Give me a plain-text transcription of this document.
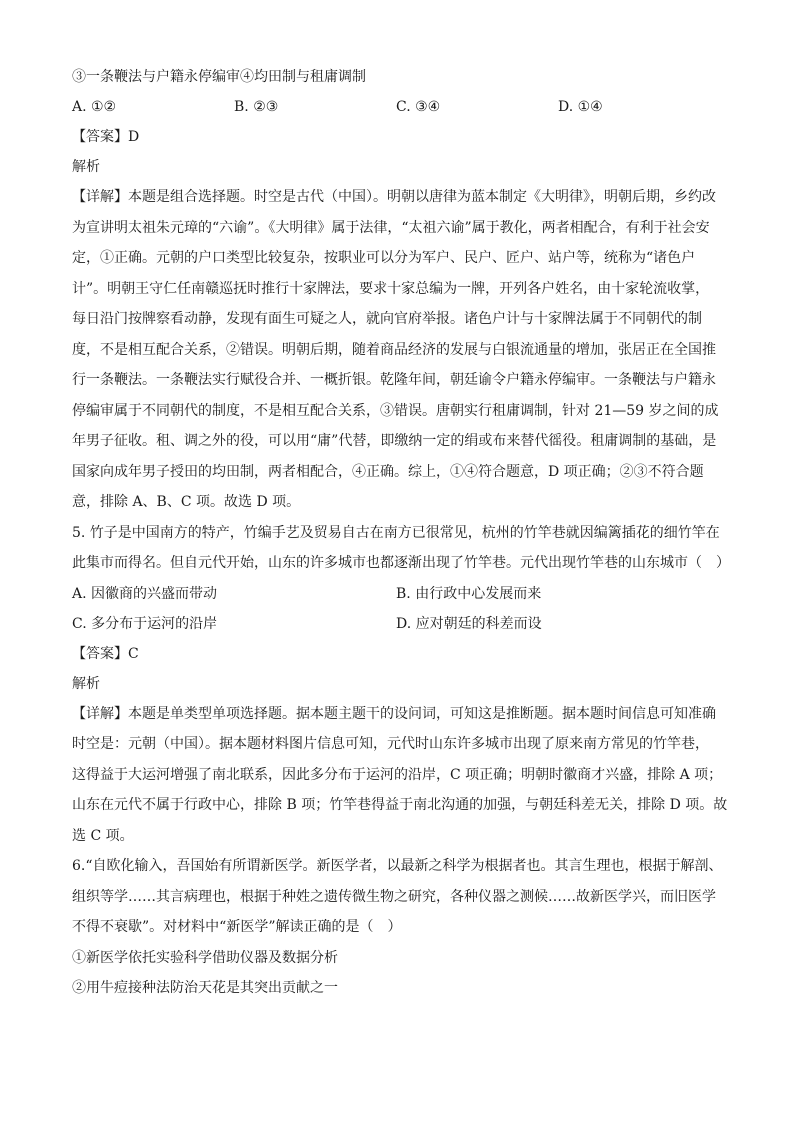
③一条鞭法与户籍永停编审④均田制与租庸调制
A. ①②	B. ②③	C. ③④	D. ①④
【答案】D
解析
【详解】本题是组合选择题。时空是古代（中国）。明朝以唐律为蓝本制定《大明律》，明朝后期，乡约改
为宣讲明太祖朱元璋的“六谕”。《大明律》属于法律，“太祖六谕”属于教化，两者相配合，有利于社会安
定，①正确。元朝的户口类型比较复杂，按职业可以分为军户、民户、匠户、站户等，统称为“诸色户
计”。明朝王守仁任南赣巡抚时推行十家牌法，要求十家总编为一牌，开列各户姓名，由十家轮流收掌，
每日沿门按牌察看动静，发现有面生可疑之人，就向官府举报。诸色户计与十家牌法属于不同朝代的制
度，不是相互配合关系，②错误。明朝后期，随着商品经济的发展与白银流通量的增加，张居正在全国推
行一条鞭法。一条鞭法实行赋役合并、一概折银。乾隆年间，朝廷谕令户籍永停编审。一条鞭法与户籍永
停编审属于不同朝代的制度，不是相互配合关系，③错误。唐朝实行租庸调制，针对 21—59 岁之间的成
年男子征收。租、调之外的役，可以用“庸”代替，即缴纳一定的绢或布来替代徭役。租庸调制的基础，是
国家向成年男子授田的均田制，两者相配合，④正确。综上，①④符合题意，D 项正确；②③不符合题
意，排除 A、B、C 项。故选 D 项。
5. 竹子是中国南方的特产，竹编手艺及贸易自古在南方已很常见，杭州的竹竿巷就因编篱插花的细竹竿在
此集市而得名。但自元代开始，山东的许多城市也都逐渐出现了竹竿巷。元代出现竹竿巷的山东城市（　）
A. 因徽商的兴盛而带动	B. 由行政中心发展而来
C. 多分布于运河的沿岸	D. 应对朝廷的科差而设
【答案】C
解析
【详解】本题是单类型单项选择题。据本题主题干的设问词，可知这是推断题。据本题时间信息可知准确
时空是：元朝（中国）。据本题材料图片信息可知，元代时山东许多城市出现了原来南方常见的竹竿巷，
这得益于大运河增强了南北联系，因此多分布于运河的沿岸，C 项正确；明朝时徽商才兴盛，排除 A 项；
山东在元代不属于行政中心，排除 B 项；竹竿巷得益于南北沟通的加强，与朝廷科差无关，排除 D 项。故
选 C 项。
6.“自欧化输入，吾国始有所谓新医学。新医学者，以最新之科学为根据者也。其言生理也，根据于解剖、
组织等学……其言病理也，根据于种姓之遗传微生物之研究，各种仪器之测候……故新医学兴，而旧医学
不得不衰歇”。对材料中“新医学”解读正确的是（　）
①新医学依托实验科学借助仪器及数据分析
②用牛痘接种法防治天花是其突出贡献之一
